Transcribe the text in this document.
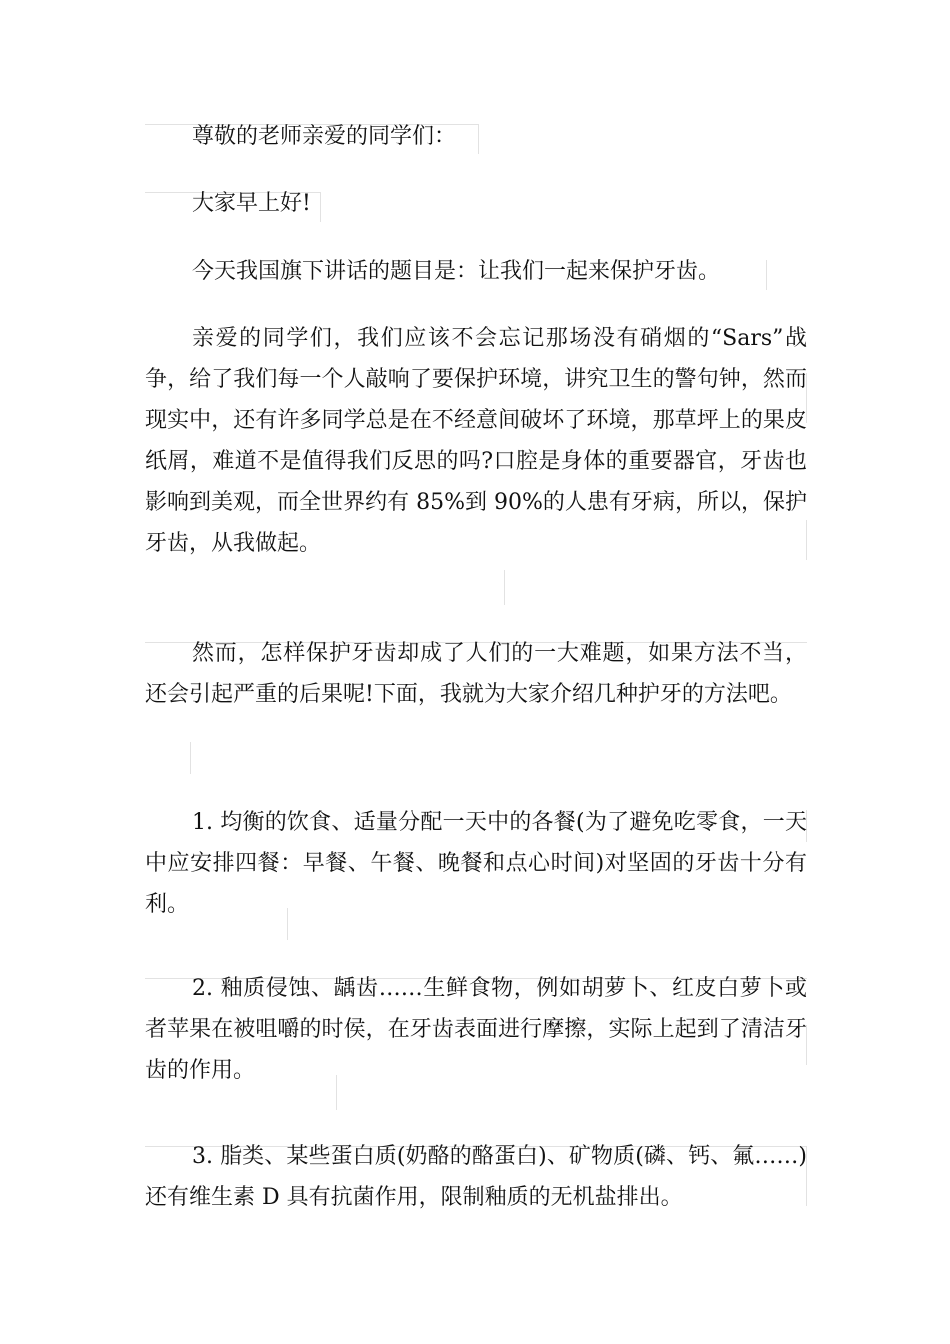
尊敬的老师亲爱的同学们：

大家早上好!

今天我国旗下讲话的题目是：让我们一起来保护牙齿。

亲爱的同学们，我们应该不会忘记那场没有硝烟的“Sars”战争，给了我们每一个人敲响了要保护环境，讲究卫生的警句钟，然而现实中，还有许多同学总是在不经意间破坏了环境，那草坪上的果皮纸屑，难道不是值得我们反思的吗?口腔是身体的重要器官，牙齿也影响到美观，而全世界约有 85%到 90%的人患有牙病，所以，保护牙齿，从我做起。

然而，怎样保护牙齿却成了人们的一大难题，如果方法不当，还会引起严重的后果呢!下面，我就为大家介绍几种护牙的方法吧。

1. 均衡的饮食、适量分配一天中的各餐(为了避免吃零食，一天中应安排四餐：早餐、午餐、晚餐和点心时间)对坚固的牙齿十分有利。

2. 釉质侵蚀、龋齿……生鲜食物，例如胡萝卜、红皮白萝卜或者苹果在被咀嚼的时侯，在牙齿表面进行摩擦，实际上起到了清洁牙齿的作用。

3. 脂类、某些蛋白质(奶酪的酪蛋白)、矿物质(磷、钙、氟……)还有维生素 D 具有抗菌作用，限制釉质的无机盐排出。
